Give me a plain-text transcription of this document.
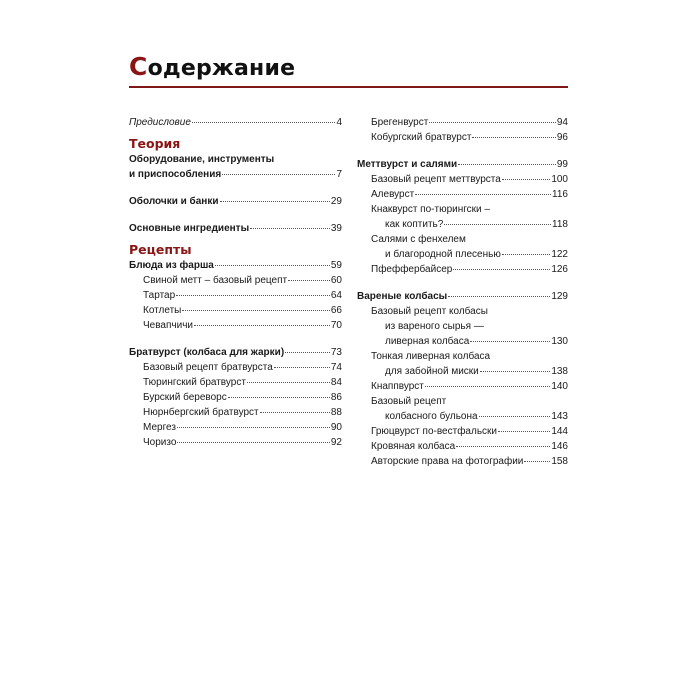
Содержание
Предисловие	4
Теория
Оборудование, инструменты
и приспособления	7
Оболочки и банки	29
Основные ингредиенты	39
Рецепты
Блюда из фарша	59
Свиной метт – базовый рецепт	60
Тартар	64
Котлеты	66
Чевапчичи	70
Братвурст (колбаса для жарки)	73
Базовый рецепт братвурста	74
Тюрингский братвурст	84
Бурский береворс	86
Нюрнбергский братвурст	88
Мергез	90
Чоризо	92
Брегенвурст	94
Кобургский братвурст	96
Меттвурст и салями	99
Базовый рецепт меттвурста	100
Алевурст	116
Кнаквурст по-тюрингски –
как коптить?	118
Салями с фенхелем
и благородной плесенью	122
Пфеффербайсер	126
Вареные колбасы	129
Базовый рецепт колбасы
из вареного сырья —
ливерная колбаса	130
Тонкая ливерная колбаса
для забойной миски	138
Кнаппвурст	140
Базовый рецепт
колбасного бульона	143
Грюцвурст по-вестфальски	144
Кровяная колбаса	146
Авторские права на фотографии	158
